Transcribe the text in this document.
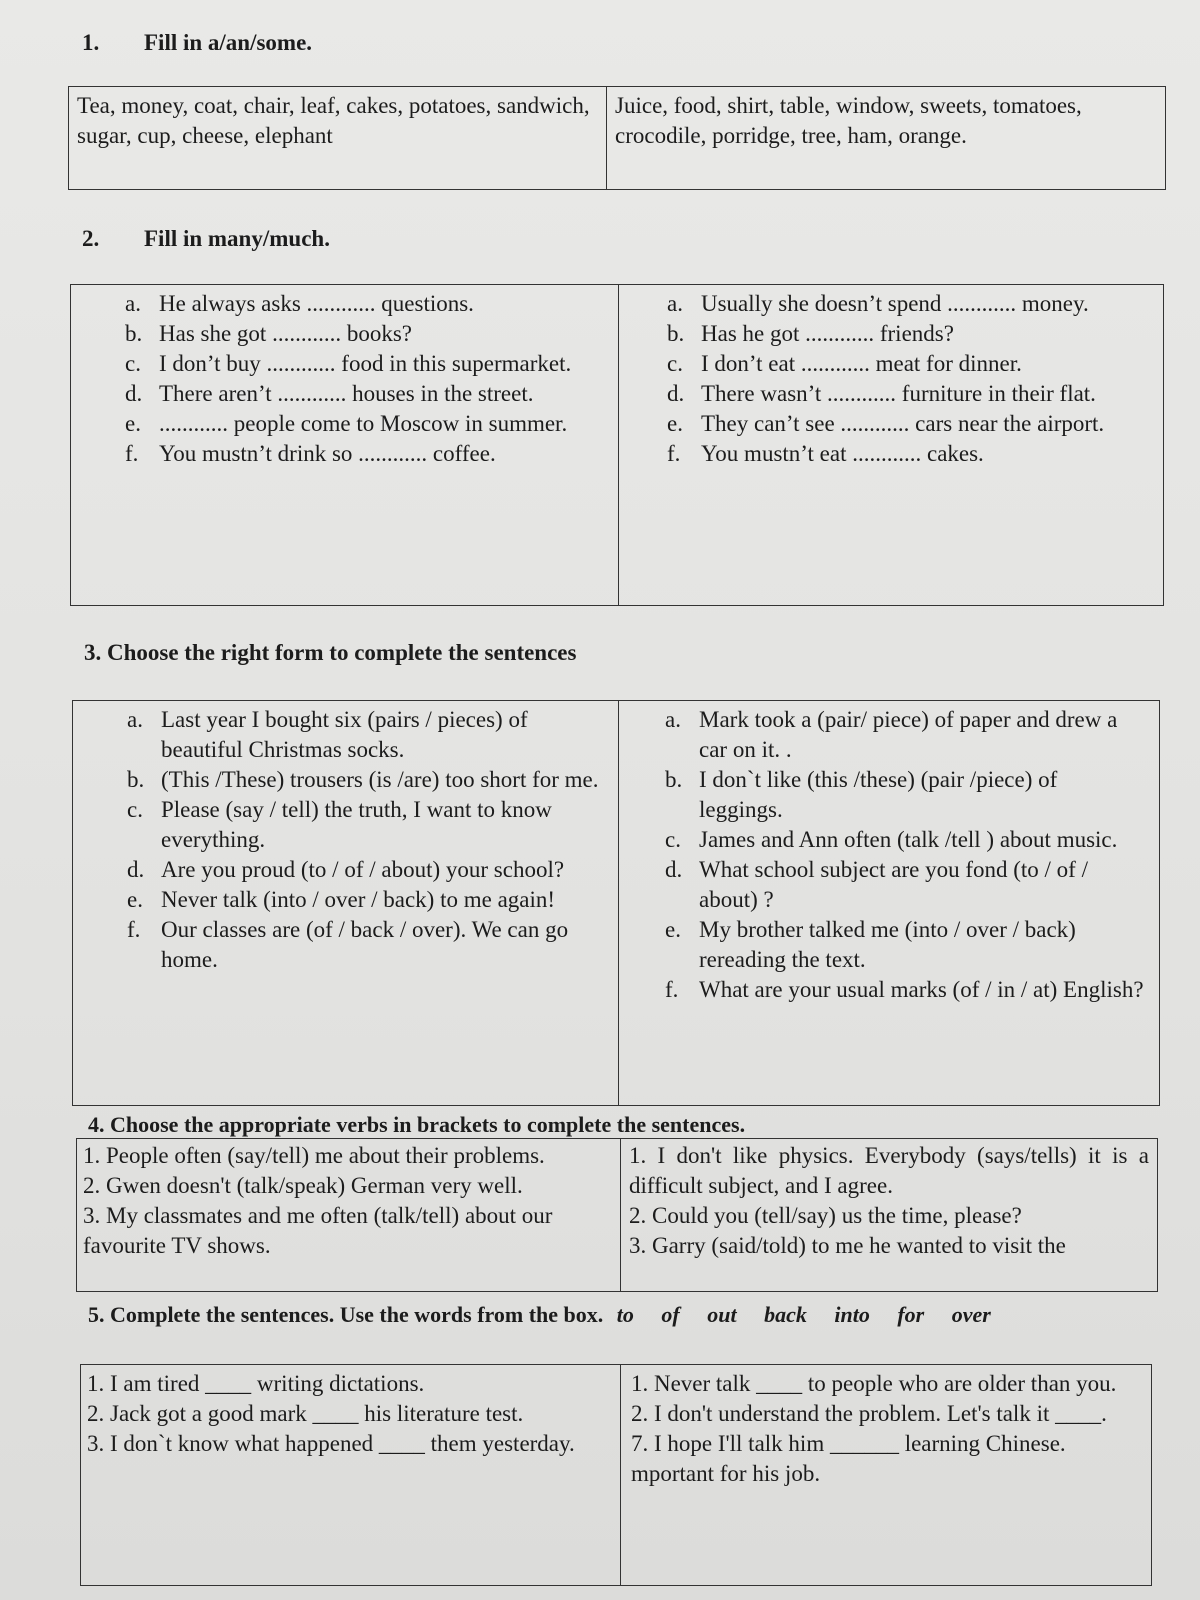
1. Fill in a/an/some.
Tea, money, coat, chair, leaf, cakes, potatoes, sandwich, sugar, cup, cheese, elephant
Juice, food, shirt, table, window, sweets, tomatoes, crocodile, porridge, tree, ham, orange.
2. Fill in many/much.
a. He always asks ............ questions.
b. Has she got ............ books?
c. I don’t buy ............ food in this supermarket.
d. There aren’t ............ houses in the street.
e. ............ people come to Moscow in summer.
f. You mustn’t drink so ............ coffee.
a. Usually she doesn’t spend ............ money.
b. Has he got ............ friends?
c. I don’t eat ............ meat for dinner.
d. There wasn’t ............ furniture in their flat.
e. They can’t see ............ cars near the airport.
f. You mustn’t eat ............ cakes.
3. Choose the right form to complete the sentences
a. Last year I bought six (pairs / pieces) of beautiful Christmas socks.
b. (This /These) trousers (is /are) too short for me.
c. Please (say / tell) the truth, I want to know everything.
d. Are you proud (to / of / about) your school?
e. Never talk (into / over / back) to me again!
f. Our classes are (of / back / over). We can go home.
a. Mark took a (pair/ piece) of paper and drew a car on it. .
b. I don`t like (this /these) (pair /piece) of leggings.
c. James and Ann often (talk /tell ) about music.
d. What school subject are you fond (to / of / about) ?
e. My brother talked me (into / over / back) rereading the text.
f. What are your usual marks (of / in / at) English?
4. Choose the appropriate verbs in brackets to complete the sentences.
1. People often (say/tell) me about their problems.
2. Gwen doesn't (talk/speak) German very well.
3. My classmates and me often (talk/tell) about our favourite TV shows.
1. I don't like physics. Everybody (says/tells) it is a difficult subject, and I agree.
2. Could you (tell/say) us the time, please?
3. Garry (said/told) to me he wanted to visit the
5. Complete the sentences. Use the words from the box. to of out back into for over
1. I am tired ____ writing dictations.
2. Jack got a good mark ____ his literature test.
3. I don`t know what happened ____ them yesterday.
1. Never talk ____ to people who are older than you.
2. I don't understand the problem. Let's talk it ____.
7. I hope I'll talk him ______ learning Chinese.
mportant for his job.
